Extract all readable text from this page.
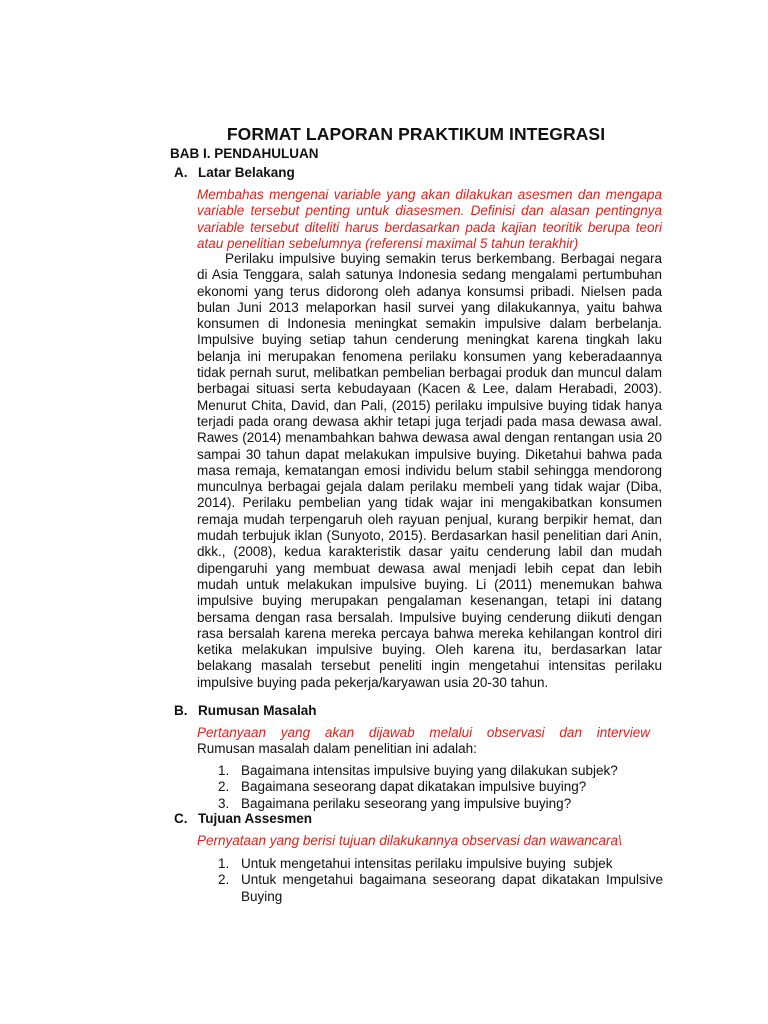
FORMAT LAPORAN PRAKTIKUM INTEGRASI
BAB I. PENDAHULUAN
A. Latar Belakang
Membahas mengenai variable yang akan dilakukan asesmen dan mengapa variable tersebut penting untuk diasesmen. Definisi dan alasan pentingnya variable tersebut diteliti harus berdasarkan pada kajian teoritik berupa teori atau penelitian sebelumnya (referensi maximal 5 tahun terakhir)
Perilaku impulsive buying semakin terus berkembang. Berbagai negara di Asia Tenggara, salah satunya Indonesia sedang mengalami pertumbuhan ekonomi yang terus didorong oleh adanya konsumsi pribadi. Nielsen pada bulan Juni 2013 melaporkan hasil survei yang dilakukannya, yaitu bahwa konsumen di Indonesia meningkat semakin impulsive dalam berbelanja. Impulsive buying setiap tahun cenderung meningkat karena tingkah laku belanja ini merupakan fenomena perilaku konsumen yang keberadaannya tidak pernah surut, melibatkan pembelian berbagai produk dan muncul dalam berbagai situasi serta kebudayaan (Kacen & Lee, dalam Herabadi, 2003). Menurut Chita, David, dan Pali, (2015) perilaku impulsive buying tidak hanya terjadi pada orang dewasa akhir tetapi juga terjadi pada masa dewasa awal. Rawes (2014) menambahkan bahwa dewasa awal dengan rentangan usia 20 sampai 30 tahun dapat melakukan impulsive buying. Diketahui bahwa pada masa remaja, kematangan emosi individu belum stabil sehingga mendorong munculnya berbagai gejala dalam perilaku membeli yang tidak wajar (Diba, 2014). Perilaku pembelian yang tidak wajar ini mengakibatkan konsumen remaja mudah terpengaruh oleh rayuan penjual, kurang berpikir hemat, dan mudah terbujuk iklan (Sunyoto, 2015). Berdasarkan hasil penelitian dari Anin, dkk., (2008), kedua karakteristik dasar yaitu cenderung labil dan mudah dipengaruhi yang membuat dewasa awal menjadi lebih cepat dan lebih mudah untuk melakukan impulsive buying. Li (2011) menemukan bahwa impulsive buying merupakan pengalaman kesenangan, tetapi ini datang bersama dengan rasa bersalah. Impulsive buying cenderung diikuti dengan rasa bersalah karena mereka percaya bahwa mereka kehilangan kontrol diri ketika melakukan impulsive buying. Oleh karena itu, berdasarkan latar belakang masalah tersebut peneliti ingin mengetahui intensitas perilaku impulsive buying pada pekerja/karyawan usia 20-30 tahun.
B. Rumusan Masalah
Pertanyaan yang akan dijawab melalui observasi dan interview
Rumusan masalah dalam penelitian ini adalah:
1. Bagaimana intensitas impulsive buying yang dilakukan subjek?
2. Bagaimana seseorang dapat dikatakan impulsive buying?
3. Bagaimana perilaku seseorang yang impulsive buying?
C. Tujuan Assesmen
Pernyataan yang berisi tujuan dilakukannya observasi dan wawancara\
1. Untuk mengetahui intensitas perilaku impulsive buying  subjek
2. Untuk mengetahui bagaimana seseorang dapat dikatakan Impulsive Buying
